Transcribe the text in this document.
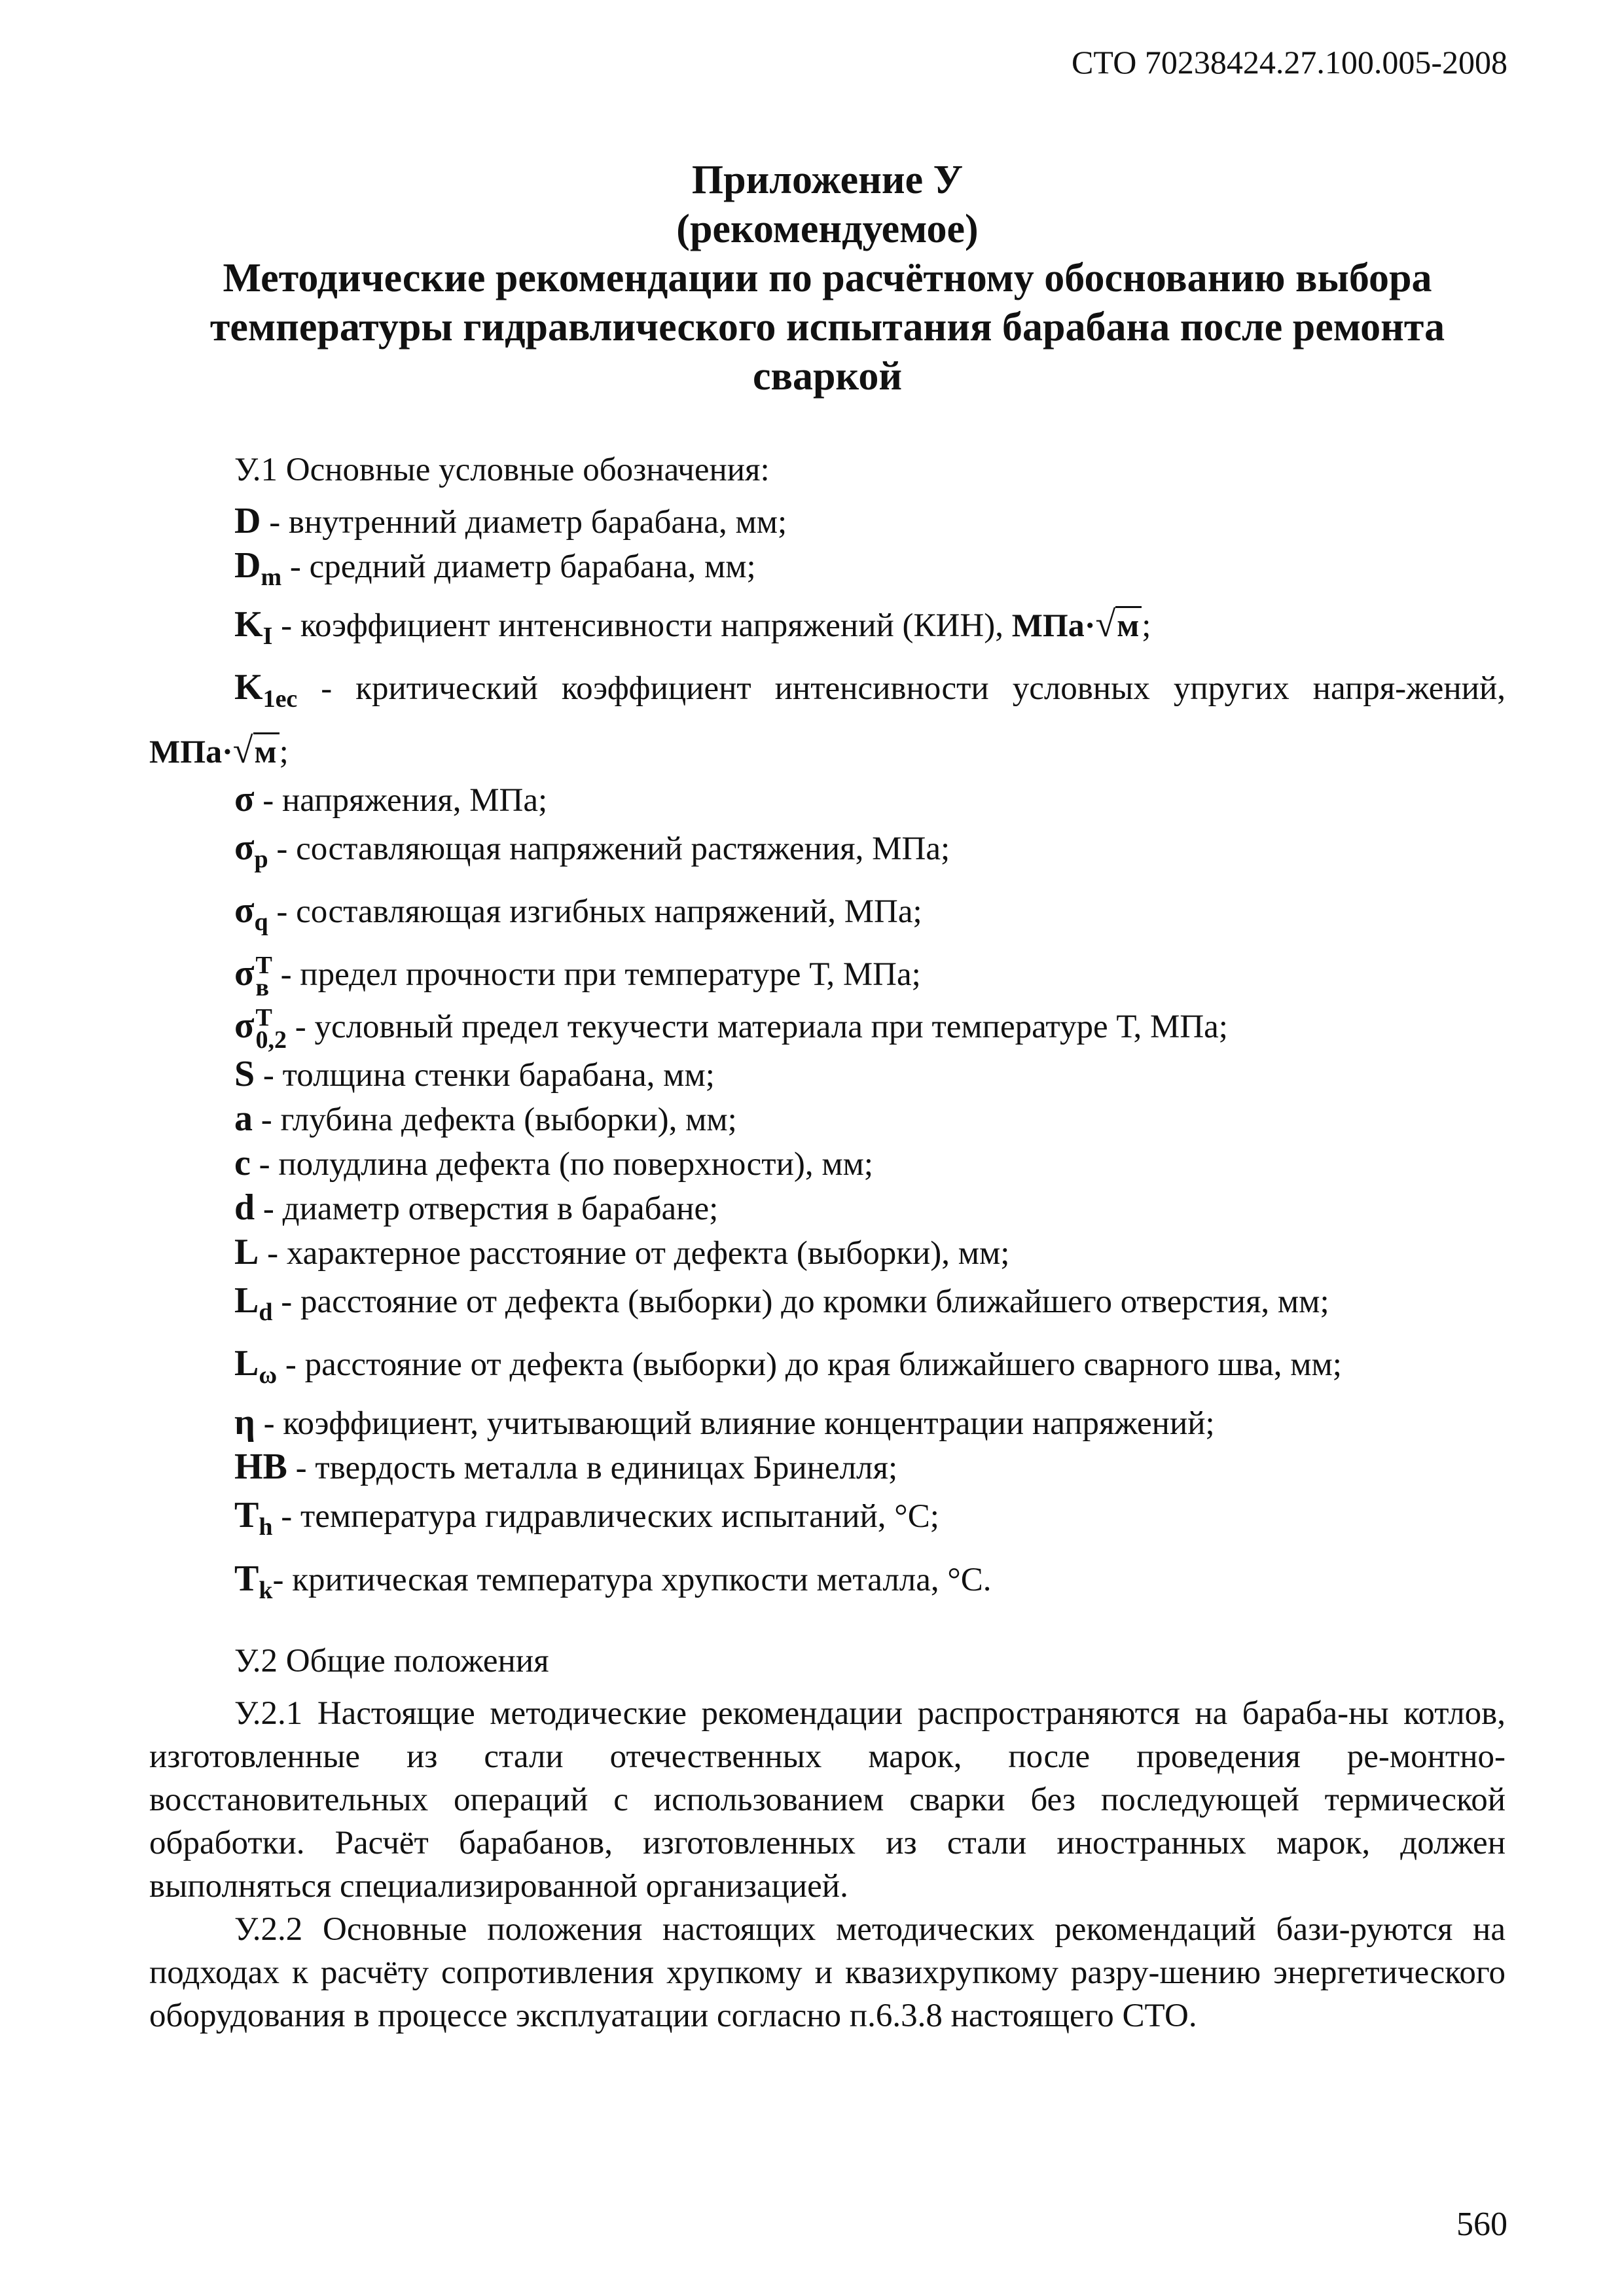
СТО 70238424.27.100.005-2008
Приложение У
(рекомендуемое)
Методические рекомендации по расчётному обоснованию выбора
температуры гидравлического испытания барабана после ремонта
сваркой

У.1 Основные условные обозначения:

D - внутренний диаметр барабана, мм;
$D_m$ - средний диаметр барабана, мм;
$K_I$ - коэффициент интенсивности напряжений (КИН), МПа·√м;
$K_{1ec}$ - критический коэффициент интенсивности условных упругих напря-жений, МПа·√м;
σ - напряжения, МПа;
$\sigma_p$ - составляющая напряжений растяжения, МПа;
$\sigma_q$ - составляющая изгибных напряжений, МПа;
σ T
в - предел прочности при температуре Т, МПа;
σ T
0,2 - условный предел текучести материала при температуре Т, МПа;
S - толщина стенки барабана, мм;
a - глубина дефекта (выборки), мм;
c - полудлина дефекта (по поверхности), мм;
d - диаметр отверстия в барабане;
L - характерное расстояние от дефекта (выборки), мм;
$L_d$ - расстояние от дефекта (выборки) до кромки ближайшего отверстия, мм;
$L_\omega$ - расстояние от дефекта (выборки) до края ближайшего сварного шва, мм;
η - коэффициент, учитывающий влияние концентрации напряжений;
HB - твердость металла в единицах Бринелля;
$T_h$ - температура гидравлических испытаний, °С;
$T_k-$ критическая температура хрупкости металла, °С.

У.2 Общие положения

У.2.1 Настоящие методические рекомендации распространяются на бараба-ны котлов, изготовленные из стали отечественных марок, после проведения ре-монтно-восстановительных операций с использованием сварки без последующей термической обработки. Расчёт барабанов, изготовленных из стали иностранных марок, должен выполняться специализированной организацией.

У.2.2 Основные положения настоящих методических рекомендаций бази-руются на подходах к расчёту сопротивления хрупкому и квазихрупкому разру-шению энергетического оборудования в процессе эксплуатации согласно п.6.3.8 настоящего СТО.

560
